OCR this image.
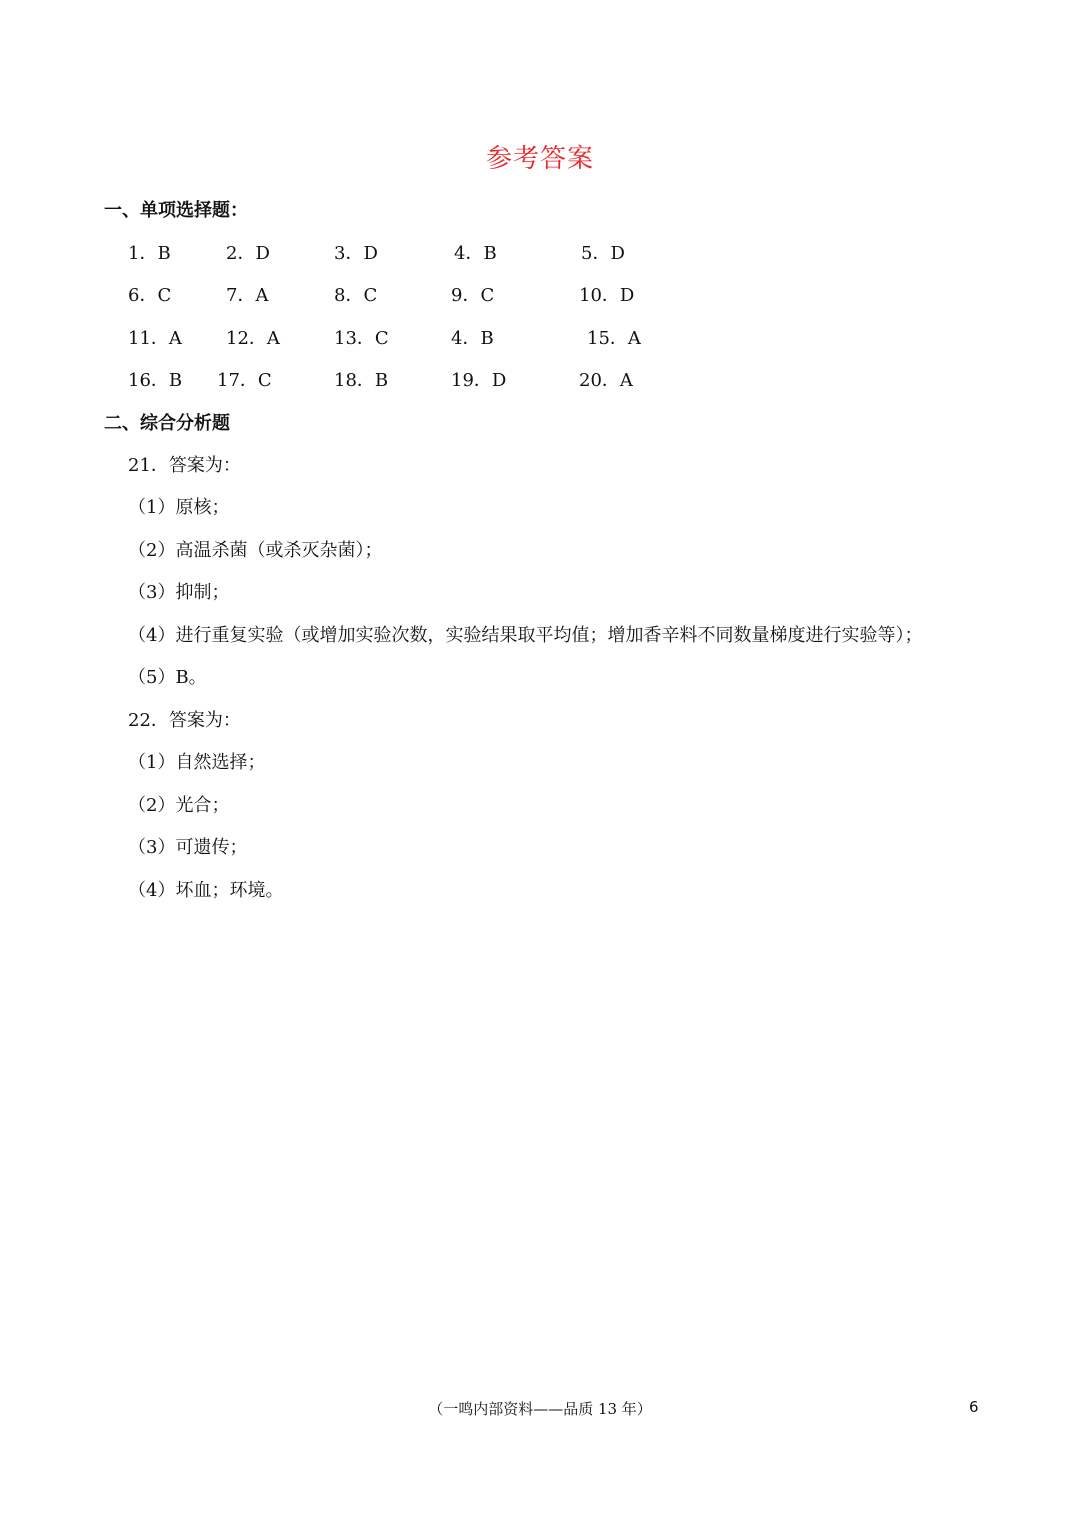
参考答案
一、单项选择题：
1．B	2．D	3．D	4．B	5．D
6．C	7．A	8．C	9．C	10．D
11．A 12．A	13．C	4．B	15．A
16．B 17．C	18．B	19．D	20．A
二、综合分析题
21．答案为：
（1）原核；
（2）高温杀菌（或杀灭杂菌）；
（3）抑制；
（4）进行重复实验（或增加实验次数，实验结果取平均值；增加香辛料不同数量梯度进行实验等）；
（5）B。
22．答案为：
（1）自然选择；
（2）光合；
（3）可遗传；
（4）坏血；环境。
（一鸣内部资料——品质 13 年）	6
